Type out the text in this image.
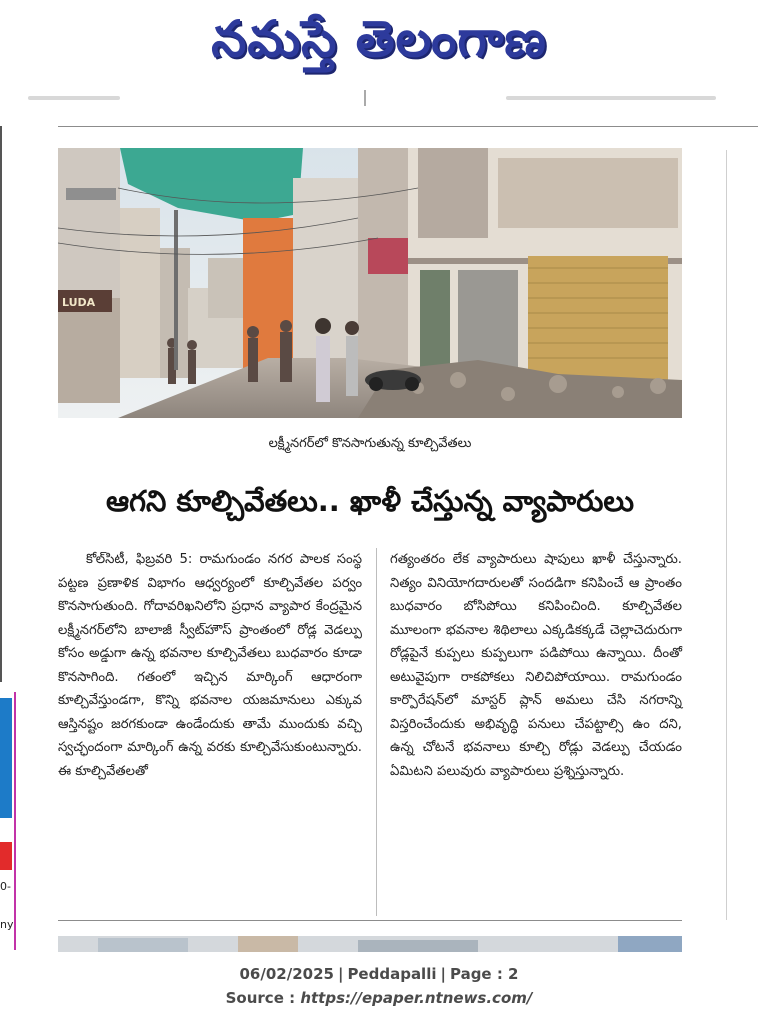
నమస్తే తెలంగాణ
LUDA
లక్ష్మీనగర్‌లో కొనసాగుతున్న కూల్చివేతలు
ఆగని కూల్చివేతలు.. ఖాళీ చేస్తున్న వ్యాపారులు
కోల్‌సిటీ, ఫిబ్రవరి 5: రామగుండం నగర పాలక సంస్థ పట్టణ ప్రణాళిక విభాగం ఆధ్వర్యంలో కూల్చివేతల పర్వం కొనసాగుతుంది. గోదావరిఖనిలోని ప్రధాన వ్యాపార కేంద్రమైన లక్ష్మీనగర్‌లోని బాలాజీ స్వీట్‌హౌస్ ప్రాంతంలో రోడ్ల వెడల్పు కోసం అడ్డుగా ఉన్న భవనాల కూల్చివేతలు బుధవారం కూడా కొనసాగింది. గతంలో ఇచ్చిన మార్కింగ్ ఆధారంగా కూల్చివేస్తుండగా, కొన్ని భవనాల యజమానులు ఎక్కువ ఆస్తినష్టం జరగకుండా ఉండేందుకు తామే ముందుకు వచ్చి స్వచ్ఛందంగా మార్కింగ్ ఉన్న వరకు కూల్చివేసుకుంటున్నారు. ఈ కూల్చివేతలతో
గత్యంతరం లేక వ్యాపారులు షాపులు ఖాళీ చేస్తున్నారు. నిత్యం వినియోగదారులతో సందడిగా కనిపించే ఆ ప్రాంతం బుధవారం బోసిపోయి కనిపించింది. కూల్చివేతల మూలంగా భవనాల శిథిలాలు ఎక్కడికక్కడే చెల్లాచెదురుగా రోడ్లపైనే కుప్పలు కుప్పలుగా పడిపోయి ఉన్నాయి. దీంతో అటువైపుగా రాకపోకలు నిలిచిపోయాయి. రామగుండం కార్పొరేషన్‌లో మాస్టర్ ప్లాన్ అమలు చేసి నగరాన్ని విస్తరించేందుకు అభివృద్ధి పనులు చేపట్టాల్సి ఉం దని, ఉన్న చోటనే భవనాలు కూల్చి రోడ్లు వెడల్పు చేయడం ఏమిటని పలువురు వ్యాపారులు ప్రశ్నిస్తున్నారు.
0-
ny
06/02/2025 | Peddapalli | Page : 2
Source : https://epaper.ntnews.com/
